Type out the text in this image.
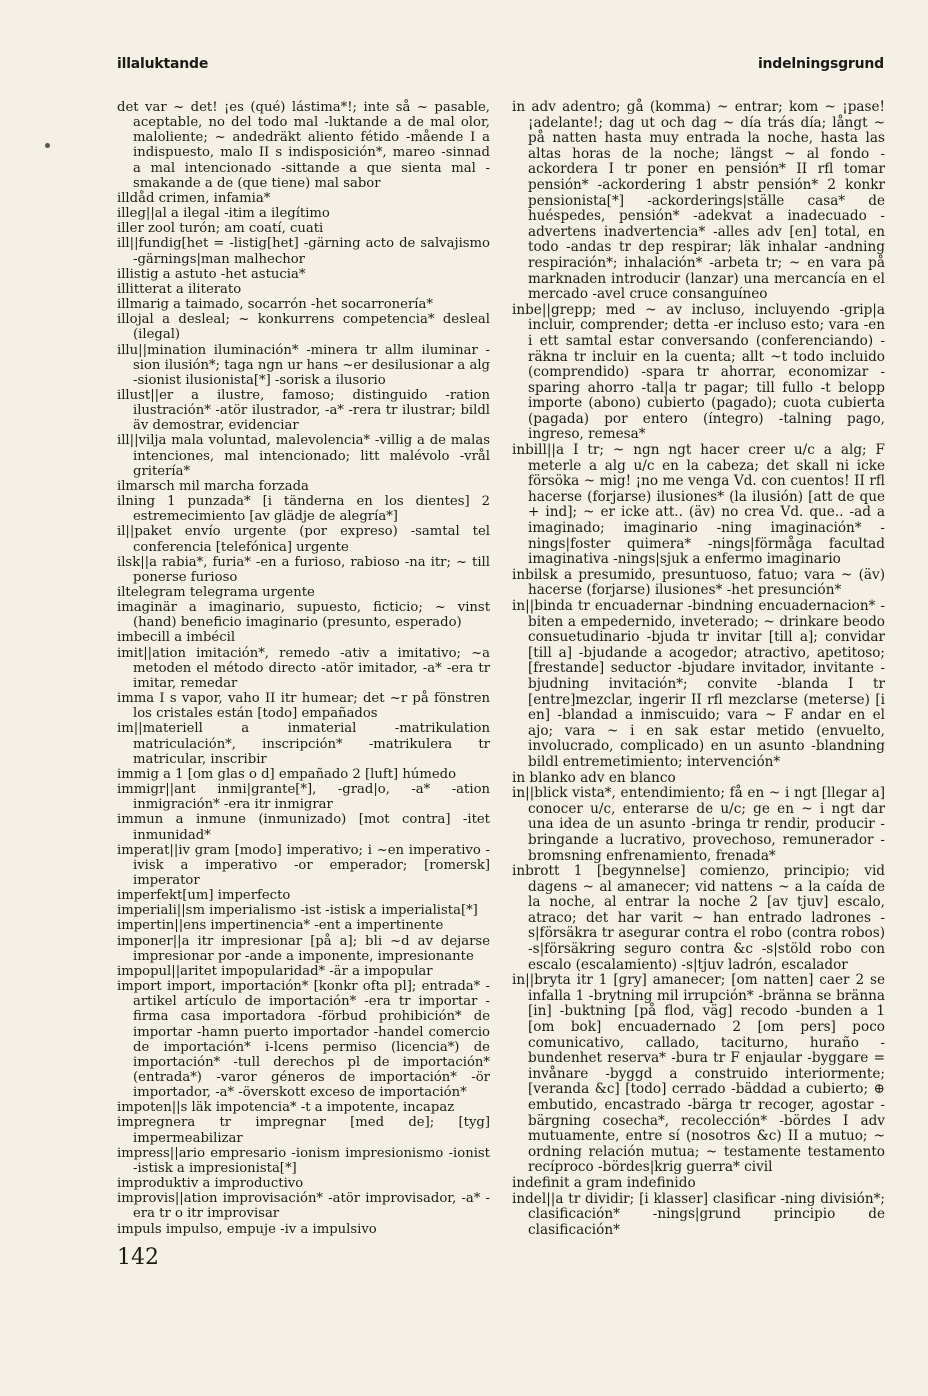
illaluktande	indelningsgrund

det var ~ det! ¡es (qué) lástima*!; inte så ~ pasable, aceptable, no del todo mal -luktande a de mal olor, maloliente; ~ andedräkt aliento fétido -mående I a indispuesto, malo II s indisposición*, mareo -sinnad a mal intencionado -sittande a que sienta mal -smakande a de (que tiene) mal sabor

illdåd crimen, infamia*

illeg||al a ilegal -itim a ilegítimo

iller zool turón; am coatí, cuati

ill||fundig[het = -listig[het] -gärning acto de salvajismo -gärnings|man malhechor

illistig a astuto -het astucia*

illitterat a iliterato

illmarig a taimado, socarrón -het socarronería*

illojal a desleal; ~ konkurrens competencia* desleal (ilegal)

illu||mination iluminación* -minera tr allm iluminar -sion ilusión*; taga ngn ur hans ~er desilusionar a alg -sionist ilusionista[*] -sorisk a ilusorio

illust||er a ilustre, famoso; distinguido -ration ilustración* -atör ilustrador, -a* -rera tr ilustrar; bildl äv demostrar, evidenciar

ill||vilja mala voluntad, malevolencia* -villig a de malas intenciones, mal intencionado; litt malévolo -vrål gritería*

ilmarsch mil marcha forzada

ilning 1 punzada* [i tänderna en los dientes] 2 estremecimiento [av glädje de alegría*]

il||paket envío urgente (por expreso) -samtal tel conferencia [telefónica] urgente

ilsk||a rabia*, furia* -en a furioso, rabioso -na itr; ~ till ponerse furioso

iltelegram telegrama urgente

imaginär a imaginario, supuesto, ficticio; ~ vinst (hand) beneficio imaginario (presunto, esperado)

imbecill a imbécil

imit||ation imitación*, remedo -ativ a imitativo; ~a metoden el método directo -atör imitador, -a* -era tr imitar, remedar

imma I s vapor, vaho II itr humear; det ~r på fönstren los cristales están [todo] empañados

im||materiell a inmaterial -matrikulation matriculación*, inscripción* -matrikulera tr matricular, inscribir

immig a 1 [om glas o d] empañado 2 [luft] húmedo

immigr||ant inmi|grante[*], -grad|o, -a* -ation inmigración* -era itr inmigrar

immun a inmune (inmunizado) [mot contra] -itet inmunidad*

imperat||iv gram [modo] imperativo; i ~en imperativo -ivisk a imperativo -or emperador; [romersk] imperator

imperfekt[um] imperfecto

imperiali||sm imperialismo -ist -istisk a imperialista[*]

impertin||ens impertinencia* -ent a impertinente

imponer||a itr impresionar [på a]; bli ~d av dejarse impresionar por -ande a imponente, impresionante

impopul||aritet impopularidad* -är a impopular

import import, importación* [konkr ofta pl]; entrada* -artikel artículo de importación* -era tr importar -firma casa importadora -förbud prohibición* de importar -hamn puerto importador -handel comercio de importación* i-lcens permiso (licencia*) de importación* -tull derechos pl de importación* (entrada*) -varor géneros de importación* -ör importador, -a* -överskott exceso de importación*

impoten||s läk impotencia* -t a impotente, incapaz

impregnera tr impregnar [med de]; [tyg] impermeabilizar

impress||ario empresario -ionism impresionismo -ionist -istisk a impresionista[*]

improduktiv a improductivo

improvis||ation improvisación* -atör improvisador, -a* -era tr o itr improvisar

impuls impulso, empuje -iv a impulsivo

in adv adentro; gå (komma) ~ entrar; kom ~ ¡pase! ¡adelante!; dag ut och dag ~ día trás día; långt ~ på natten hasta muy entrada la noche, hasta las altas horas de la noche; längst ~ al fondo -ackordera I tr poner en pensión* II rfl tomar pensión* -ackordering 1 abstr pensión* 2 konkr pensionista[*] -ackorderings|ställe casa* de huéspedes, pensión* -adekvat a inadecuado -advertens inadvertencia* -alles adv [en] total, en todo -andas tr dep respirar; läk inhalar -andning respiración*; inhalación* -arbeta tr; ~ en vara på marknaden introducir (lanzar) una mercancía en el mercado -avel cruce consanguíneo

inbe||grepp; med ~ av incluso, incluyendo -grip|a incluir, comprender; detta -er incluso esto; vara -en i ett samtal estar conversando (conferenciando) -räkna tr incluir en la cuenta; allt ~t todo incluido (comprendido) -spara tr ahorrar, economizar -sparing ahorro -tal|a tr pagar; till fullo -t belopp importe (abono) cubierto (pagado); cuota cubierta (pagada) por entero (íntegro) -talning pago, ingreso, remesa*

inbill||a I tr; ~ ngn ngt hacer creer u/c a alg; F meterle a alg u/c en la cabeza; det skall ni icke försöka ~ mig! ¡no me venga Vd. con cuentos! II rfl hacerse (forjarse) ilusiones* (la ilusión) [att de que + ind]; ~ er icke att.. (äv) no crea Vd. que.. -ad a imaginado; imaginario -ning imaginación* -nings|foster quimera* -nings|förmåga facultad imaginativa -nings|sjuk a enfermo imaginario

inbilsk a presumido, presuntuoso, fatuo; vara ~ (äv) hacerse (forjarse) ilusiones* -het presunción*

in||binda tr encuadernar -bindning encuadernacion* -biten a empedernido, inveterado; ~ drinkare beodo consuetudinario -bjuda tr invitar [till a]; convidar [till a] -bjudande a acogedor; atractivo, apetitoso; [frestande] seductor -bjudare invitador, invitante -bjudning invitación*; convite -blanda I tr [entre]mezclar, ingerir II rfl mezclarse (meterse) [i en] -blandad a inmiscuido; vara ~ F andar en el ajo; vara ~ i en sak estar metido (envuelto, involucrado, complicado) en un asunto -blandning bildl entremetimiento; intervención*

in blanko adv en blanco

in||blick vista*, entendimiento; få en ~ i ngt [llegar a] conocer u/c, enterarse de u/c; ge en ~ i ngt dar una idea de un asunto -bringa tr rendir, producir -bringande a lucrativo, provechoso, remunerador -bromsning enfrenamiento, frenada*

inbrott 1 [begynnelse] comienzo, principio; vid dagens ~ al amanecer; vid nattens ~ a la caída de la noche, al entrar la noche 2 [av tjuv] escalo, atraco; det har varit ~ han entrado ladrones -s|försäkra tr asegurar contra el robo (contra robos) -s|försäkring seguro contra &c -s|stöld robo con escalo (escalamiento) -s|tjuv ladrón, escalador

in||bryta itr 1 [gry] amanecer; [om natten] caer 2 se infalla 1 -brytning mil irrupción* -bränna se bränna [in] -buktning [på flod, väg] recodo -bunden a 1 [om bok] encuadernado 2 [om pers] poco comunicativo, callado, taciturno, huraño -bundenhet reserva* -bura tr F enjaular -byggare = invånare -byggd a construido interiormente; [veranda &c] [todo] cerrado -bäddad a cubierto; ⊕ embutido, encastrado -bärga tr recoger, agostar -bärgning cosecha*, recolección* -bördes I adv mutuamente, entre sí (nosotros &c) II a mutuo; ~ ordning relación mutua; ~ testamente testamento recíproco -bördes|krig guerra* civil

indefinit a gram indefinido

indel||a tr dividir; [i klasser] clasificar -ning división*; clasificación* -nings|grund principio de clasificación*

142
